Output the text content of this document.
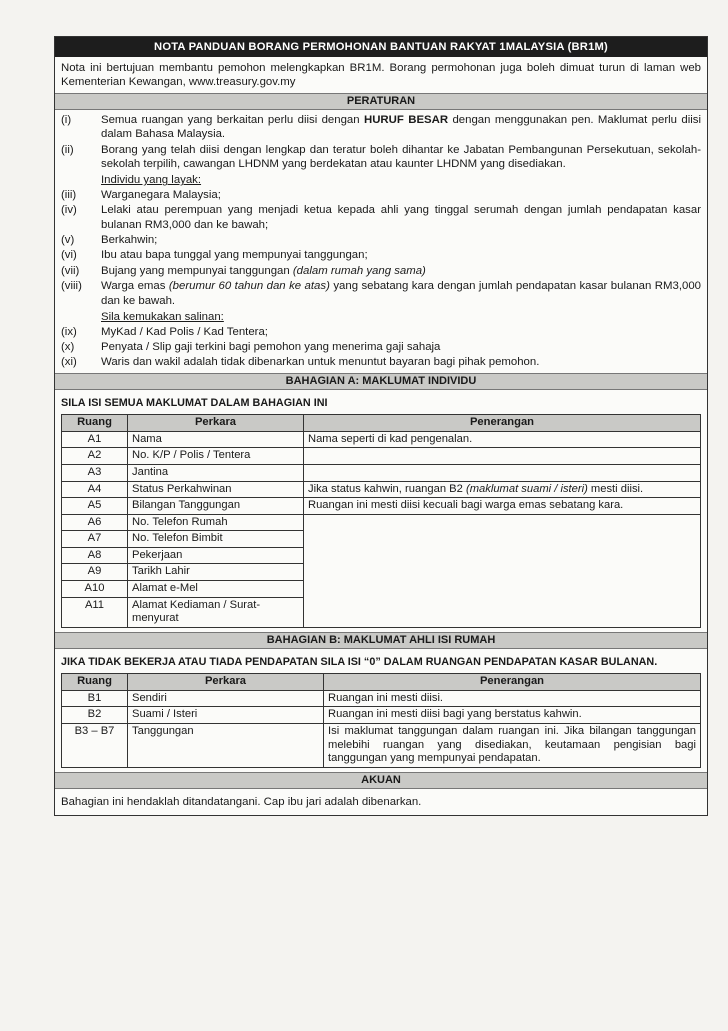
NOTA PANDUAN BORANG PERMOHONAN BANTUAN RAKYAT 1MALAYSIA (BR1M)
Nota ini bertujuan membantu pemohon melengkapkan BR1M. Borang permohonan juga boleh dimuat turun di laman web Kementerian Kewangan, www.treasury.gov.my
PERATURAN
(i)	Semua ruangan yang berkaitan perlu diisi dengan HURUF BESAR dengan menggunakan pen. Maklumat perlu diisi dalam Bahasa Malaysia.
(ii)	Borang yang telah diisi dengan lengkap dan teratur boleh dihantar ke Jabatan Pembangunan Persekutuan, sekolah-sekolah terpilih, cawangan LHDNM yang berdekatan atau kaunter LHDNM yang disediakan.
Individu yang layak:
(iii)	Warganegara Malaysia;
(iv)	Lelaki atau perempuan yang menjadi ketua kepada ahli yang tinggal serumah dengan jumlah pendapatan kasar bulanan RM3,000 dan ke bawah;
(v)	Berkahwin;
(vi)	Ibu atau bapa tunggal yang mempunyai tanggungan;
(vii)	Bujang yang mempunyai tanggungan (dalam rumah yang sama)
(viii)	Warga emas (berumur 60 tahun dan ke atas) yang sebatang kara dengan jumlah pendapatan kasar bulanan RM3,000 dan ke bawah.
Sila kemukakan salinan:
(ix)	MyKad / Kad Polis / Kad Tentera;
(x)	Penyata / Slip gaji terkini bagi pemohon yang menerima gaji sahaja
(xi)	Waris dan wakil adalah tidak dibenarkan untuk menuntut bayaran bagi pihak pemohon.
BAHAGIAN A: MAKLUMAT INDIVIDU
SILA ISI SEMUA MAKLUMAT DALAM BAHAGIAN INI
Ruang	Perkara	Penerangan
A1	Nama	Nama seperti di kad pengenalan.
A2	No. K/P / Polis / Tentera	
A3	Jantina	
A4	Status Perkahwinan	Jika status kahwin, ruangan B2 (maklumat suami / isteri) mesti diisi.
A5	Bilangan Tanggungan	Ruangan ini mesti diisi kecuali bagi warga emas sebatang kara.
A6	No. Telefon Rumah	
A7	No. Telefon Bimbit	
A8	Pekerjaan	
A9	Tarikh Lahir	
A10	Alamat e-Mel	
A11	Alamat Kediaman / Surat-menyurat	
BAHAGIAN B: MAKLUMAT AHLI ISI RUMAH
JIKA TIDAK BEKERJA ATAU TIADA PENDAPATAN SILA ISI “0” DALAM RUANGAN PENDAPATAN KASAR BULANAN.
Ruang	Perkara	Penerangan
B1	Sendiri	Ruangan ini mesti diisi.
B2	Suami / Isteri	Ruangan ini mesti diisi bagi yang berstatus kahwin.
B3 – B7	Tanggungan	Isi maklumat tanggungan dalam ruangan ini. Jika bilangan tanggungan melebihi ruangan yang disediakan, keutamaan pengisian bagi tanggungan yang mempunyai pendapatan.
AKUAN
Bahagian ini hendaklah ditandatangani. Cap ibu jari adalah dibenarkan.
